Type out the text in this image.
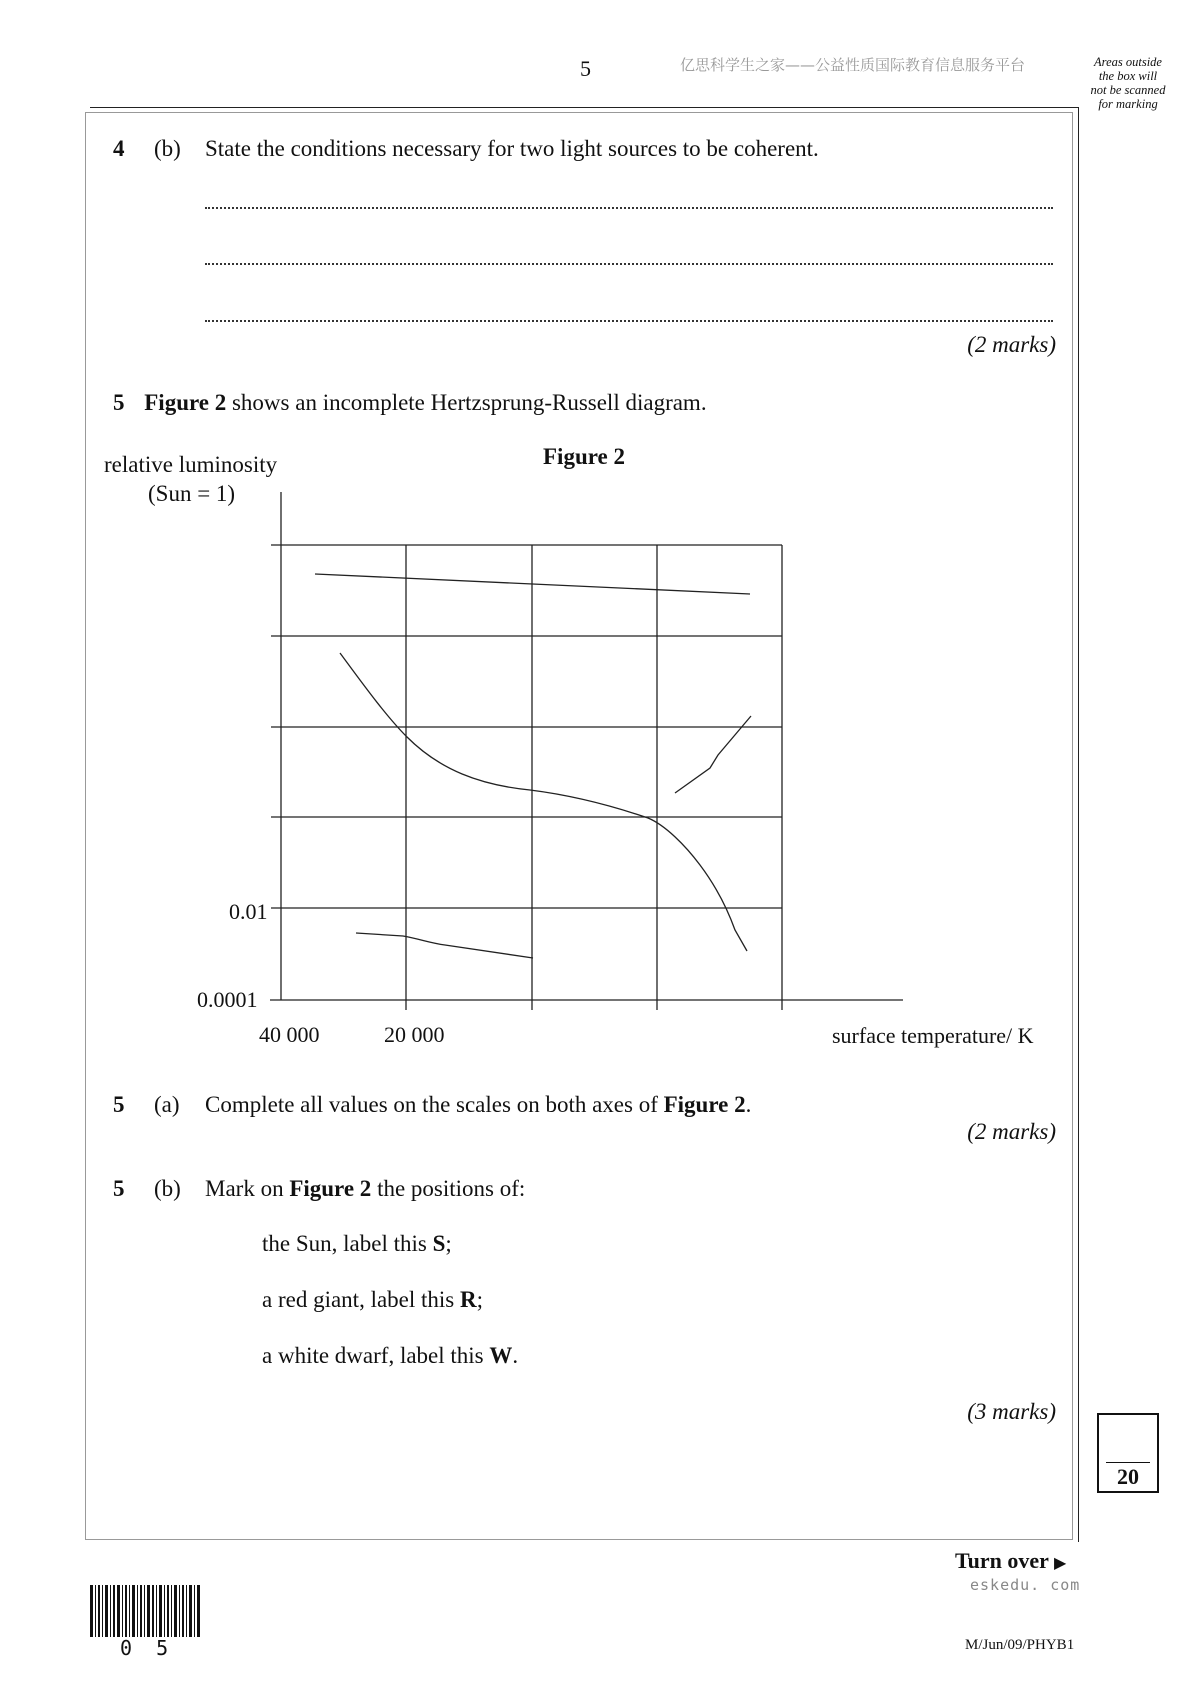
5	亿思科学生之家——公益性质国际教育信息服务平台	Areas outside
the box will
not be scanned
for marking
4 (b) State the conditions necessary for two light sources to be coherent.
(2 marks)
5 Figure 2 shows an incomplete Hertzsprung-Russell diagram.
Figure 2
relative luminosity
(Sun = 1)
0.01
0.0001
40 000	20 000	surface temperature/ K
5 (a) Complete all values on the scales on both axes of Figure 2.
(2 marks)
5 (b) Mark on Figure 2 the positions of:
the Sun, label this S;
a red giant, label this R;
a white dwarf, label this W.
(3 marks)
20
Turn over ▶
eskedu. com
0 5	M/Jun/09/PHYB1
